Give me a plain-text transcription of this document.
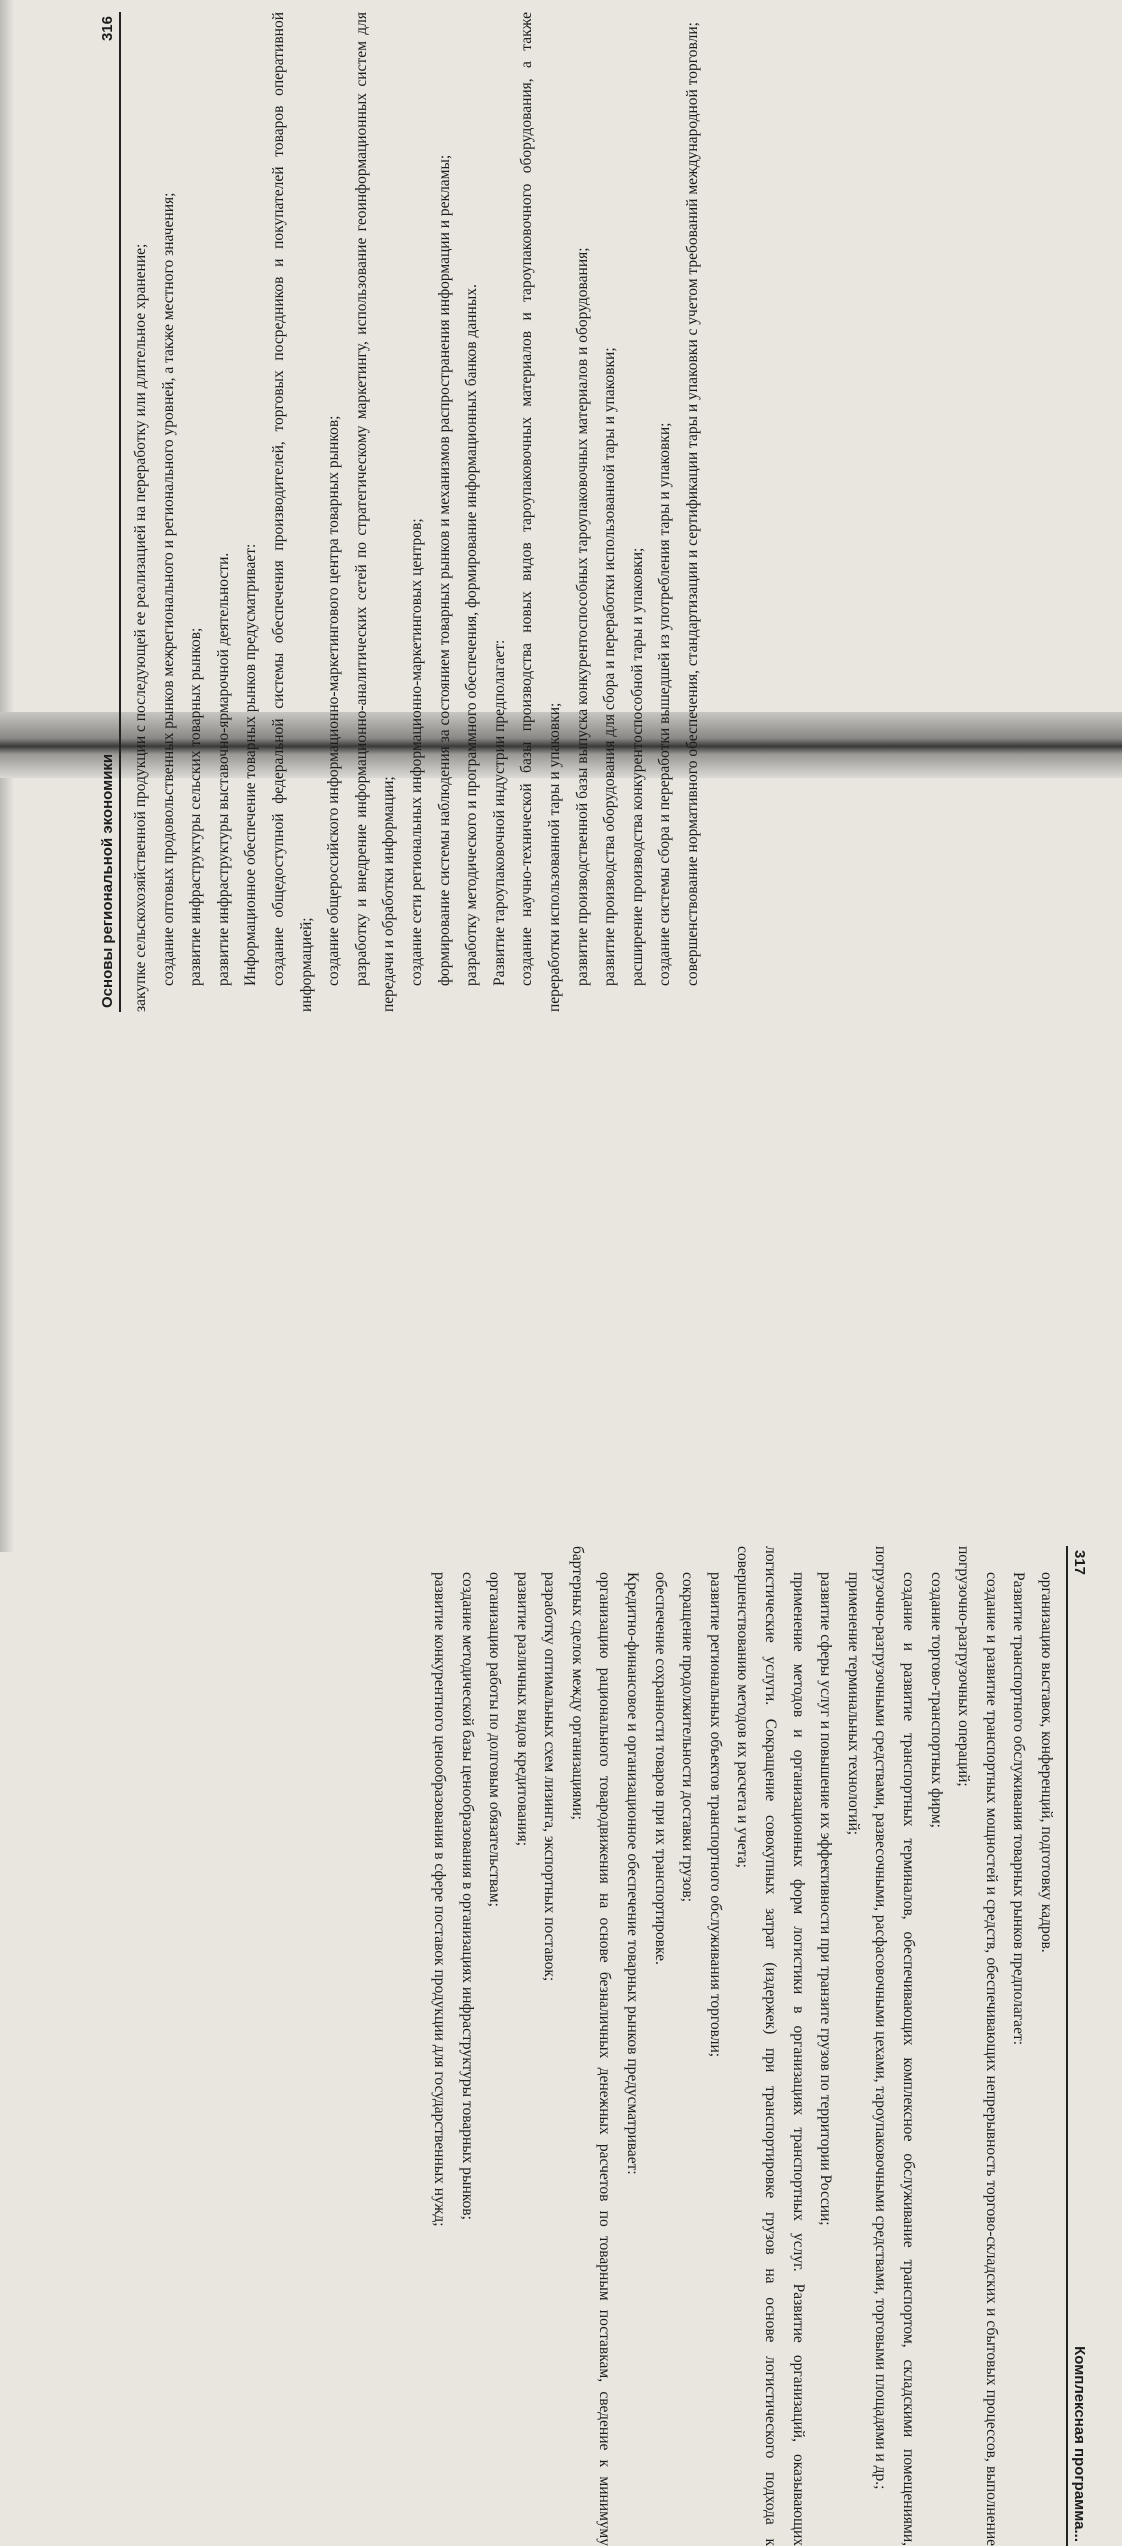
Основы региональной экономики
316

закупке сельскохозяйственной продукции с последующей ее реализацией на переработку или длительное хранение; создание оптовых продовольственных рынков межрегионального и регионального уровней, а также местного значения; развитие инфраструктуры сельских товарных рынков; развитие инфраструктуры выставочно-ярмарочной деятельности. Информационное обеспечение товарных рынков предусматривает: создание общедоступной федеральной системы обеспечения производителей, торговых посредников и покупателей товаров оперативной информацией; создание общероссийского информационно-маркетингового центра товарных рынков; разработку и внедрение информационно-аналитических сетей по стратегическому маркетингу, использование геоинформационных систем для передачи и обработки информации; создание сети региональных информационно-маркетинговых центров; формирование системы наблюдения за состоянием товарных рынков и механизмов распространения информации и рекламы; разработку методического и программного обеспечения, формирование информационных банков данных. Развитие тароупаковочной индустрии предполагает: создание научно-технической базы производства новых видов тароупаковочных материалов и тароупаковочного оборудования, а также переработки использованной тары и упаковки; развитие производственной базы выпуска конкурентоспособных тароупаковочных материалов и оборудования; развитие производства оборудования для сбора и переработки использованной тары и упаковки; расширение производства конкурентоспособной тары и упаковки; создание системы сбора и переработки вышедшей из употребления тары и упаковки; совершенствование нормативного обеспечения, стандартизации и сертификации тары и упаковки с учетом требований международной торговли;

317
Комплексная программа...

организацию выставок, конференций, подготовку кадров.

Развитие транспортного обслуживания товарных рынков предполагает:

создание и развитие транспортных мощностей и средств, обеспечивающих непрерывность торгово-складских и сбытовых процессов, выполнение погрузочно-разгрузочных операций;

создание торгово-транспортных фирм;

создание и развитие транспортных терминалов, обеспечивающих комплексное обслуживание транспортом, складскими помещениями, погрузочно-разгрузочными средствами, развесочными, расфасовочными цехами, тароупаковочными средствами, торговыми площадями и др.;

применение терминальных технологий;

развитие сферы услуг и повышение их эффективности при транзите грузов по территории России;

применение методов и организационных форм логистики в организациях транспортных услуг. Развитие организаций, оказывающих логистические услуги. Сокращение совокупных затрат (издержек) при транспортировке грузов на основе логистического подхода к совершенствованию методов их расчета и учета;

развитие региональных объектов транспортного обслуживания торговли;

сокращение продолжительности доставки грузов;

обеспечение сохранности товаров при их транспортировке.

Кредитно-финансовое и организационное обеспечение товарных рынков предусматривает:

организацию рационального товародвижения на основе безналичных денежных расчетов по товарным поставкам, сведение к минимуму бартерных сделок между организациями;

разработку оптимальных схем лизинга, экспортных поставок;

развитие различных видов кредитования;

организацию работы по долговым обязательствам;

создание методической базы ценообразования в организациях инфраструктуры товарных рынков;

развитие конкурентного ценообразования в сфере поставок продукции для государственных нужд;
